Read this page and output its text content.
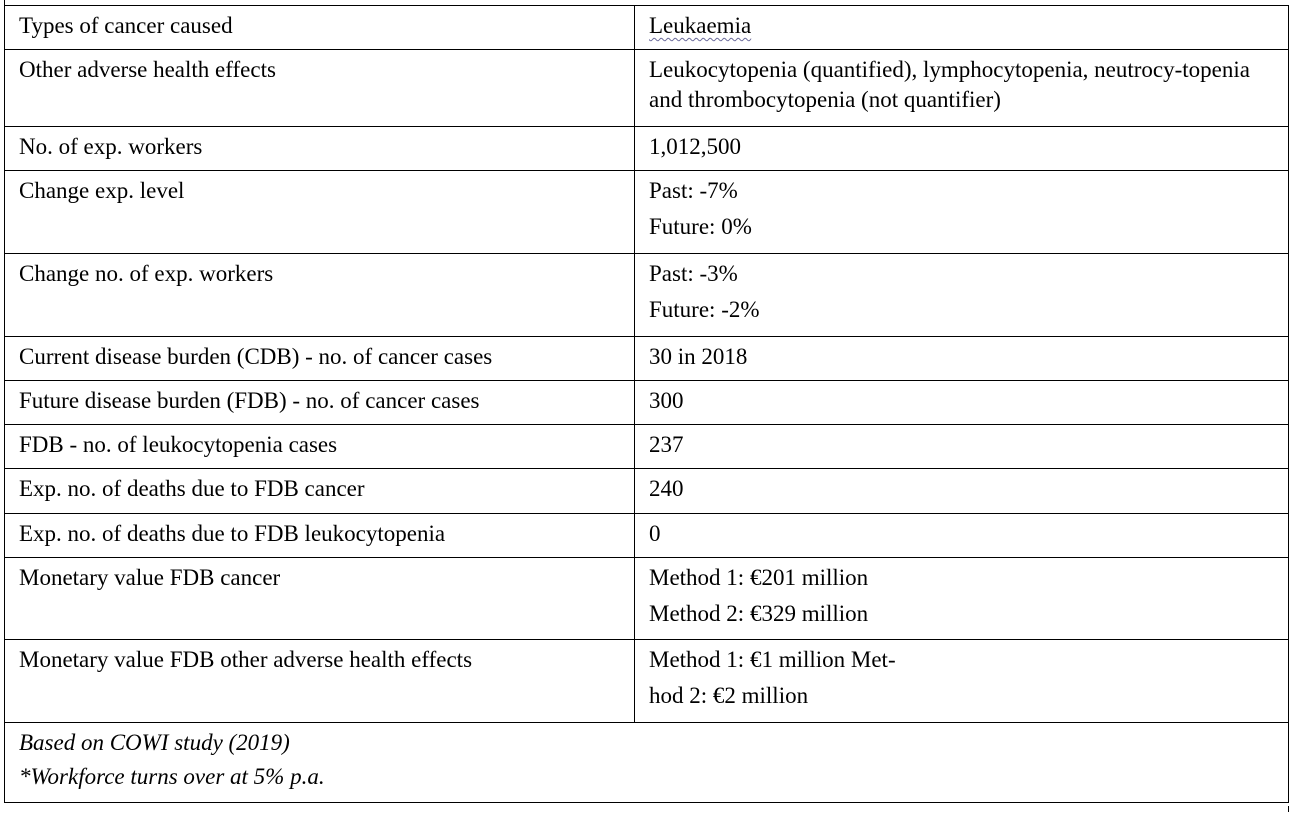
Types of cancer caused	Leukaemia
Other adverse health effects	Leukocytopenia (quantified), lymphocytopenia, neutrocy-topenia and thrombocytopenia (not quantifier)
No. of exp. workers	1,012,500
Change exp. level	Past: -7%
Future: 0%

Change no. of exp. workers	Past: -3%
Future: -2%

Current disease burden (CDB) - no. of cancer cases	30 in 2018
Future disease burden (FDB) - no. of cancer cases	300
FDB - no. of leukocytopenia cases	237
Exp. no. of deaths due to FDB cancer	240
Exp. no. of deaths due to FDB leukocytopenia	0
Monetary value FDB cancer	Method 1: €201 million
Method 2: €329 million

Monetary value FDB other adverse health effects	Method 1: €1 million Met-
hod 2: €2 million

Based on COWI study (2019)
*Workforce turns over at 5% p.a.	
